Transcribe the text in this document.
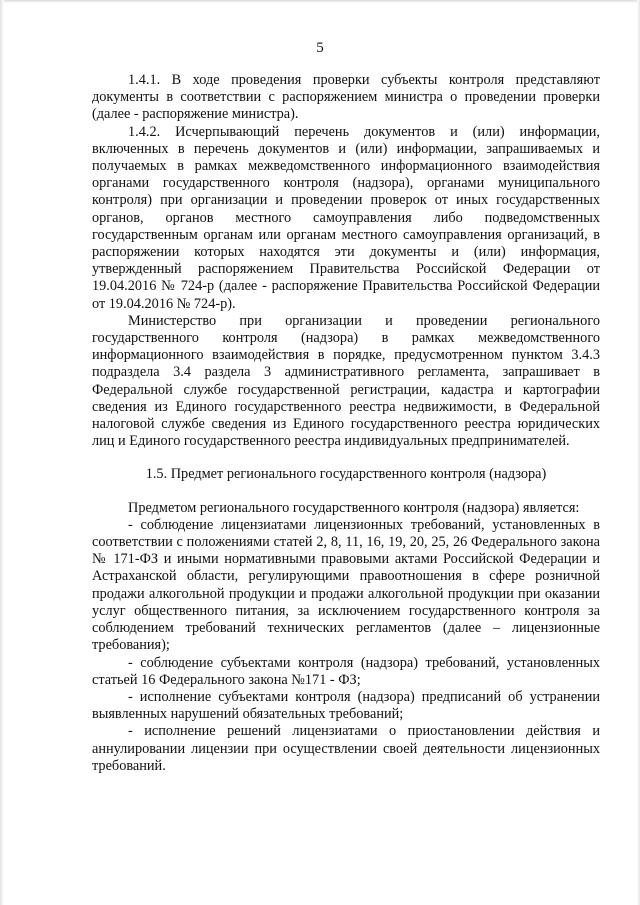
5

1.4.1. В ходе проведения проверки субъекты контроля представляют документы в соответствии с распоряжением министра о проведении проверки (далее - распоряжение министра).

1.4.2. Исчерпывающий перечень документов и (или) информации, включенных в перечень документов и (или) информации, запрашиваемых и получаемых в рамках межведомственного информационного взаимодействия органами государственного контроля (надзора), органами муниципального контроля) при организации и проведении проверок от иных государственных органов, органов местного самоуправления либо подведомственных государственным органам или органам местного самоуправления организаций, в распоряжении которых находятся эти документы и (или) информация, утвержденный распоряжением Правительства Российской Федерации от 19.04.2016 № 724-р (далее - распоряжение Правительства Российской Федерации от 19.04.2016 № 724-р).

Министерство при организации и проведении регионального государственного контроля (надзора) в рамках межведомственного информационного взаимодействия в порядке, предусмотренном пунктом 3.4.3 подраздела 3.4 раздела 3 административного регламента, запрашивает в Федеральной службе государственной регистрации, кадастра и картографии сведения из Единого государственного реестра недвижимости, в Федеральной налоговой службе сведения из Единого государственного реестра юридических лиц и Единого государственного реестра индивидуальных предпринимателей.

1.5. Предмет регионального государственного контроля (надзора)

Предметом регионального государственного контроля (надзора) является:

- соблюдение лицензиатами лицензионных требований, установленных в соответствии с положениями статей 2, 8, 11, 16, 19, 20, 25, 26 Федерального закона № 171-ФЗ и иными нормативными правовыми актами Российской Федерации и Астраханской области, регулирующими правоотношения в сфере розничной продажи алкогольной продукции и продажи алкогольной продукции при оказании услуг общественного питания, за исключением государственного контроля за соблюдением требований технических регламентов (далее – лицензионные требования);

- соблюдение субъектами контроля (надзора) требований, установленных статьей 16 Федерального закона №171 - ФЗ;

- исполнение субъектами контроля (надзора) предписаний об устранении выявленных нарушений обязательных требований;

- исполнение решений лицензиатами о приостановлении действия и аннулировании лицензии при осуществлении своей деятельности лицензионных требований.
